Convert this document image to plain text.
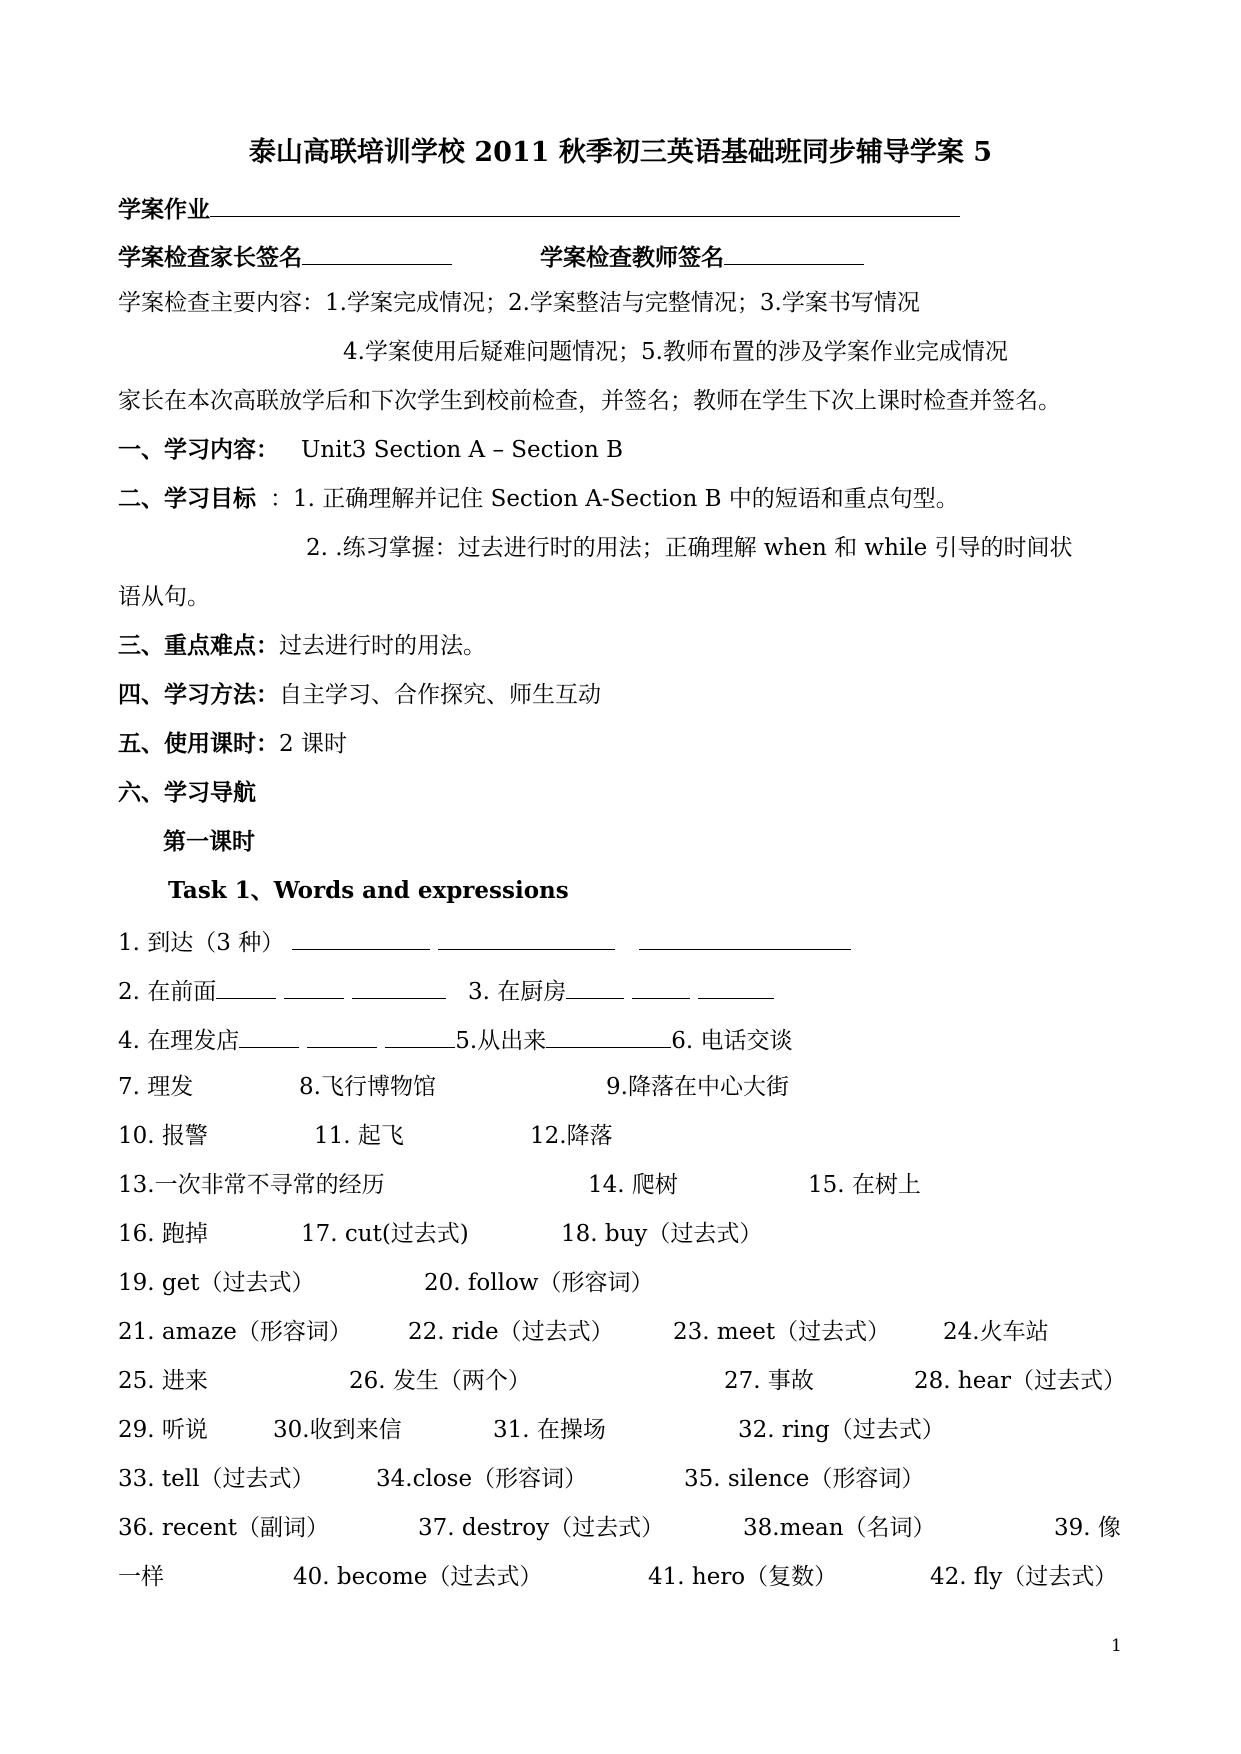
泰山高联培训学校 2011 秋季初三英语基础班同步辅导学案 5
学案作业
学案检查家长签名	学案检查教师签名
学案检查主要内容：1.学案完成情况；2.学案整洁与完整情况；3.学案书写情况
4.学案使用后疑难问题情况；5.教师布置的涉及学案作业完成情况
家长在本次高联放学后和下次学生到校前检查，并签名；教师在学生下次上课时检查并签名。
一、学习内容： Unit3 Section A – Section B
二、学习目标 ：1. 正确理解并记住 Section A-Section B 中的短语和重点句型。
2. .练习掌握：过去进行时的用法；正确理解 when 和 while 引导的时间状
语从句。
三、重点难点：过去进行时的用法。
四、学习方法：自主学习、合作探究、师生互动
五、使用课时：2 课时
六、学习导航
第一课时
Task 1、Words and expressions
1. 到达（3 种）
2. 在前面	3. 在厨房
4. 在理发店	5.从出来	6. 电话交谈
7. 理发	8.飞行博物馆	9.降落在中心大街
10. 报警	11. 起飞	12.降落
13.一次非常不寻常的经历	14. 爬树	15. 在树上
16. 跑掉	17. cut(过去式)	18. buy（过去式）
19. get（过去式）	20. follow（形容词）
21. amaze（形容词） 22. ride（过去式）	23. meet（过去式） 24.火车站
25. 进来	26. 发生（两个）	27. 事故	28. hear（过去式）
29. 听说	30.收到来信	31. 在操场	32. ring（过去式）
33. tell（过去式）	34.close（形容词）	35. silence（形容词）
36. recent（副词）	37. destroy（过去式）	38.mean（名词）	39. 像
一样	40. become（过去式）	41. hero（复数）	42. fly（过去式）
1
